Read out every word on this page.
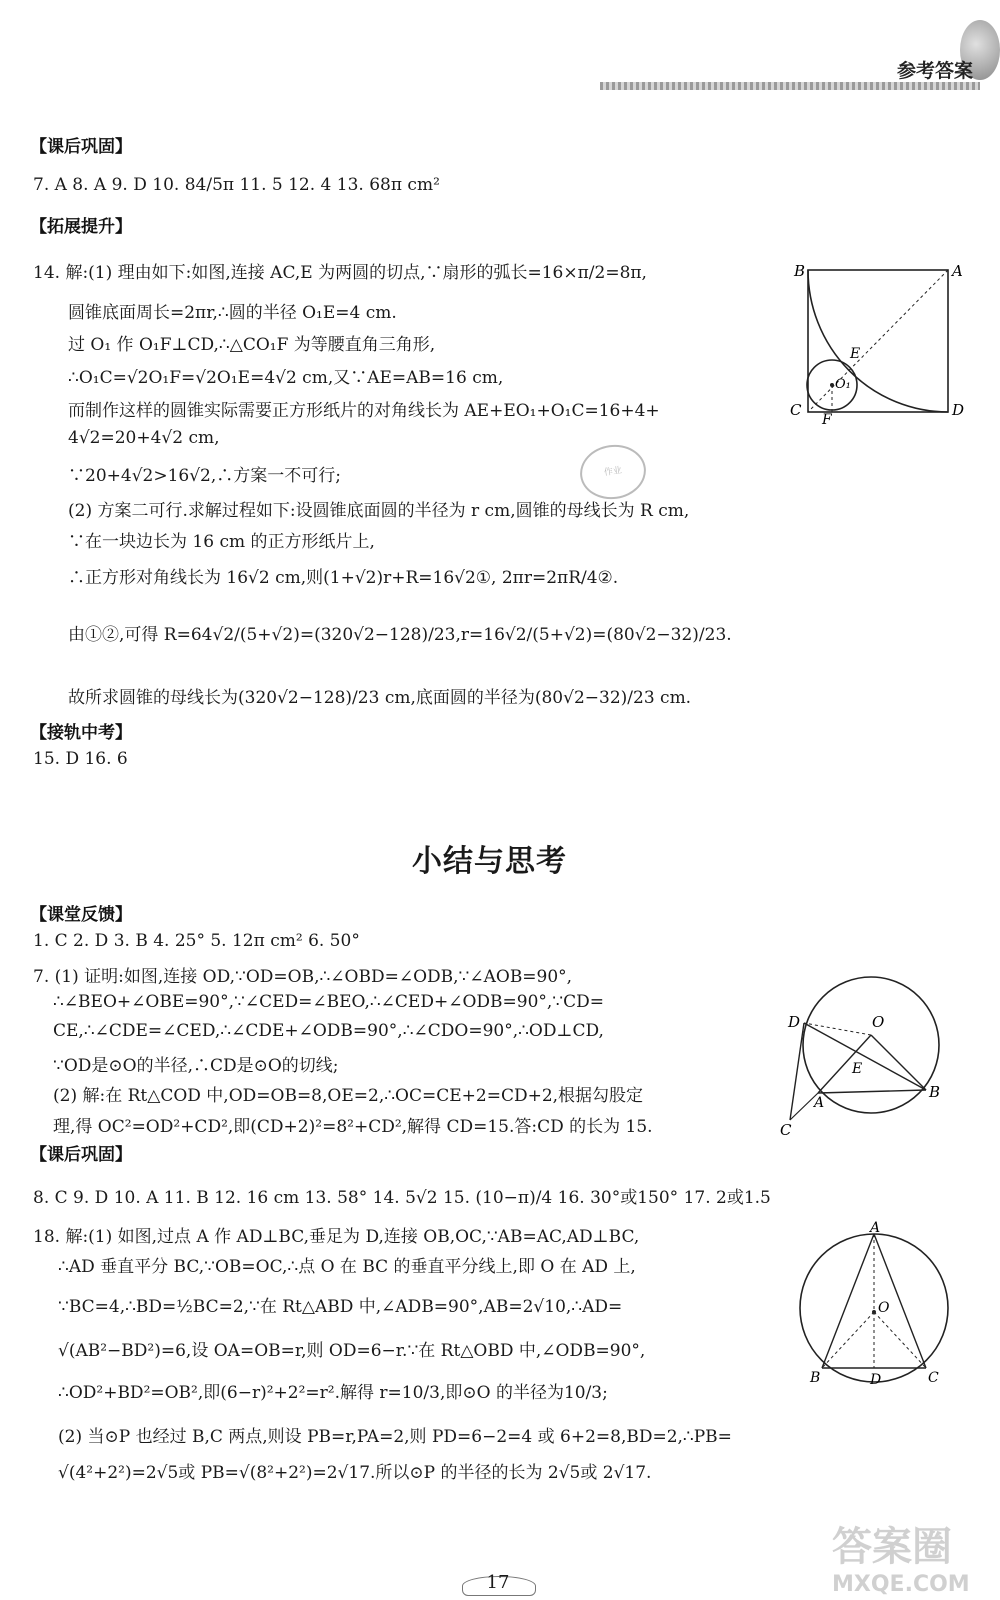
参考答案
【课后巩固】
7. A 8. A 9. D 10. 84/5π 11. 5 12. 4 13. 68π cm²
【拓展提升】
14. 解:(1) 理由如下:如图,连接 AC,E 为两圆的切点,∵扇形的弧长=16×π/2=8π,
圆锥底面周长=2πr,∴圆的半径 O₁E=4 cm.
过 O₁ 作 O₁F⊥CD,∴△CO₁F 为等腰直角三角形,
∴O₁C=√2O₁F=√2O₁E=4√2 cm,又∵AE=AB=16 cm,
而制作这样的圆锥实际需要正方形纸片的对角线长为 AE+EO₁+O₁C=16+4+
4√2=20+4√2 cm,
∵20+4√2>16√2,∴方案一不可行;
(2) 方案二可行.求解过程如下:设圆锥底面圆的半径为 r cm,圆锥的母线长为 R cm,
∵在一块边长为 16 cm 的正方形纸片上,
∴正方形对角线长为 16√2 cm,则(1+√2)r+R=16√2①, 2πr=2πR/4②.
由①②,可得 R=64√2/(5+√2)=(320√2−128)/23,r=16√2/(5+√2)=(80√2−32)/23.
故所求圆锥的母线长为(320√2−128)/23 cm,底面圆的半径为(80√2−32)/23 cm.
作业
【接轨中考】
15. D 16. 6
B	A
C	D
E
O₁
F
小结与思考
【课堂反馈】
1. C 2. D 3. B 4. 25° 5. 12π cm² 6. 50°
7. (1) 证明:如图,连接 OD,∵OD=OB,∴∠OBD=∠ODB,∵∠AOB=90°,
∴∠BEO+∠OBE=90°,∵∠CED=∠BEO,∴∠CED+∠ODB=90°,∵CD=
CE,∴∠CDE=∠CED,∴∠CDE+∠ODB=90°,∴∠CDO=90°,∴OD⊥CD,
∵OD是⊙O的半径,∴CD是⊙O的切线;
(2) 解:在 Rt△COD 中,OD=OB=8,OE=2,∴OC=CE+2=CD+2,根据勾股定
理,得 OC²=OD²+CD²,即(CD+2)²=8²+CD²,解得 CD=15.答:CD 的长为 15.
D	O
E
A
B
C
【课后巩固】
8. C 9. D 10. A 11. B 12. 16 cm 13. 58° 14. 5√2 15. (10−π)/4 16. 30°或150° 17. 2或1.5
18. 解:(1) 如图,过点 A 作 AD⊥BC,垂足为 D,连接 OB,OC,∵AB=AC,AD⊥BC,
∴AD 垂直平分 BC,∵OB=OC,∴点 O 在 BC 的垂直平分线上,即 O 在 AD 上,
∵BC=4,∴BD=½BC=2,∵在 Rt△ABD 中,∠ADB=90°,AB=2√10,∴AD=
√(AB²−BD²)=6,设 OA=OB=r,则 OD=6−r.∵在 Rt△OBD 中,∠ODB=90°,
∴OD²+BD²=OB²,即(6−r)²+2²=r².解得 r=10/3,即⊙O 的半径为10/3;
(2) 当⊙P 也经过 B,C 两点,则设 PB=r,PA=2,则 PD=6−2=4 或 6+2=8,BD=2,∴PB=
√(4²+2²)=2√5或 PB=√(8²+2²)=2√17.所以⊙P 的半径的长为 2√5或 2√17.
A
O
B	D	C
17
答案圈
MXQE.COM
